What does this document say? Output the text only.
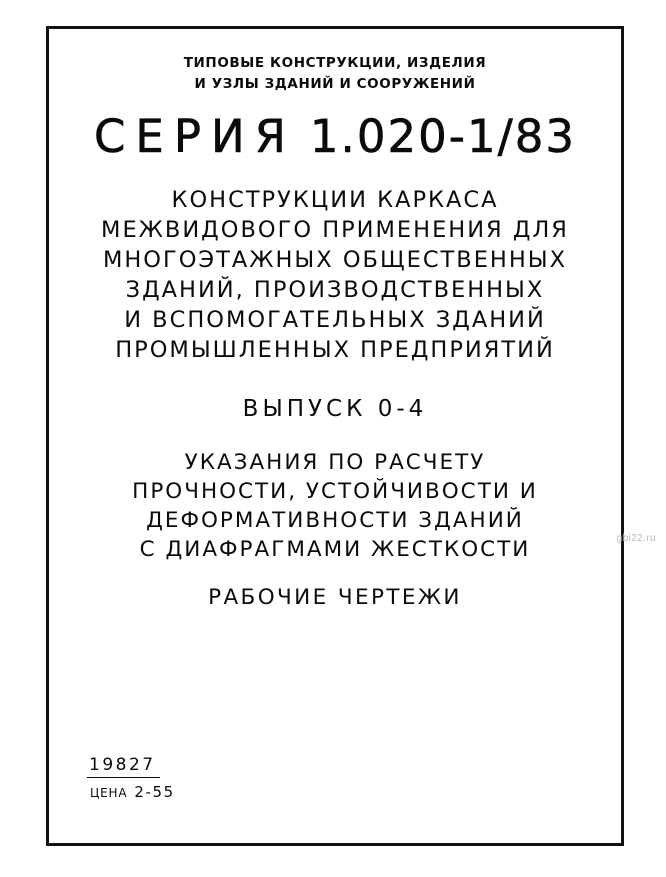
ТИПОВЫЕ КОНСТРУКЦИИ, ИЗДЕЛИЯ
И УЗЛЫ ЗДАНИЙ И СООРУЖЕНИЙ
СЕРИЯ 1.020-1/83
КОНСТРУКЦИИ КАРКАСА
МЕЖВИДОВОГО ПРИМЕНЕНИЯ ДЛЯ
МНОГОЭТАЖНЫХ ОБЩЕСТВЕННЫХ
ЗДАНИЙ, ПРОИЗВОДСТВЕННЫХ
И ВСПОМОГАТЕЛЬНЫХ ЗДАНИЙ
ПРОМЫШЛЕННЫХ ПРЕДПРИЯТИЙ
ВЫПУСК 0-4
УКАЗАНИЯ ПО РАСЧЕТУ
ПРОЧНОСТИ, УСТОЙЧИВОСТИ И
ДЕФОРМАТИВНОСТИ ЗДАНИЙ
С ДИАФРАГМАМИ ЖЕСТКОСТИ
РАБОЧИЕ ЧЕРТЕЖИ
19827
ЦЕНА 2-55
gbi22.ru
